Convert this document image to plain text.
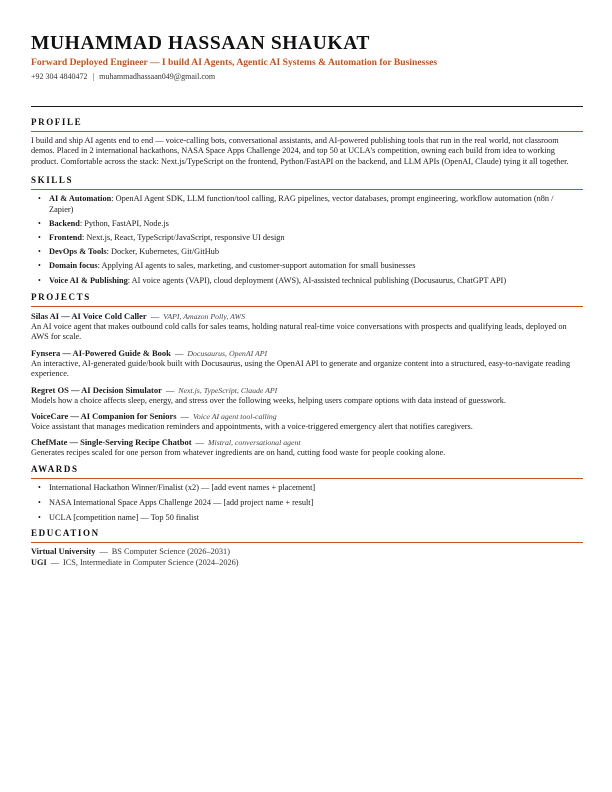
MUHAMMAD HASSAAN SHAUKAT
Forward Deployed Engineer — I build AI Agents, Agentic AI Systems & Automation for Businesses
+92 304 4840472 | muhammadhassaan049@gmail.com
PROFILE
I build and ship AI agents end to end — voice-calling bots, conversational assistants, and AI-powered publishing tools that run in the real world, not classroom demos. Placed in 2 international hackathons, NASA Space Apps Challenge 2024, and top 50 at UCLA's competition, owning each build from idea to working product. Comfortable across the stack: Next.js/TypeScript on the frontend, Python/FastAPI on the backend, and LLM APIs (OpenAI, Claude) tying it all together.
SKILLS
• AI & Automation: OpenAI Agent SDK, LLM function/tool calling, RAG pipelines, vector databases, prompt engineering, workflow automation (n8n / Zapier)
• Backend: Python, FastAPI, Node.js
• Frontend: Next.js, React, TypeScript/JavaScript, responsive UI design
• DevOps & Tools: Docker, Kubernetes, Git/GitHub
• Domain focus: Applying AI agents to sales, marketing, and customer-support automation for small businesses
• Voice AI & Publishing: AI voice agents (VAPI), cloud deployment (AWS), AI-assisted technical publishing (Docusaurus, ChatGPT API)
PROJECTS
Silas AI — AI Voice Cold Caller — VAPI, Amazon Polly, AWS
An AI voice agent that makes outbound cold calls for sales teams, holding natural real-time voice conversations with prospects and qualifying leads, deployed on AWS for scale.
Fynsera — AI-Powered Guide & Book — Docusaurus, OpenAI API
An interactive, AI-generated guide/book built with Docusaurus, using the OpenAI API to generate and organize content into a structured, easy-to-navigate reading experience.
Regret OS — AI Decision Simulator — Next.js, TypeScript, Claude API
Models how a choice affects sleep, energy, and stress over the following weeks, helping users compare options with data instead of guesswork.
VoiceCare — AI Companion for Seniors — Voice AI agent tool-calling
Voice assistant that manages medication reminders and appointments, with a voice-triggered emergency alert that notifies caregivers.
ChefMate — Single-Serving Recipe Chatbot — Mistral, conversational agent
Generates recipes scaled for one person from whatever ingredients are on hand, cutting food waste for people cooking alone.
AWARDS
• International Hackathon Winner/Finalist (x2) — [add event names + placement]
• NASA International Space Apps Challenge 2024 — [add project name + result]
• UCLA [competition name] — Top 50 finalist
EDUCATION
Virtual University — BS Computer Science (2026–2031)
UGI — ICS, Intermediate in Computer Science (2024–2026)
